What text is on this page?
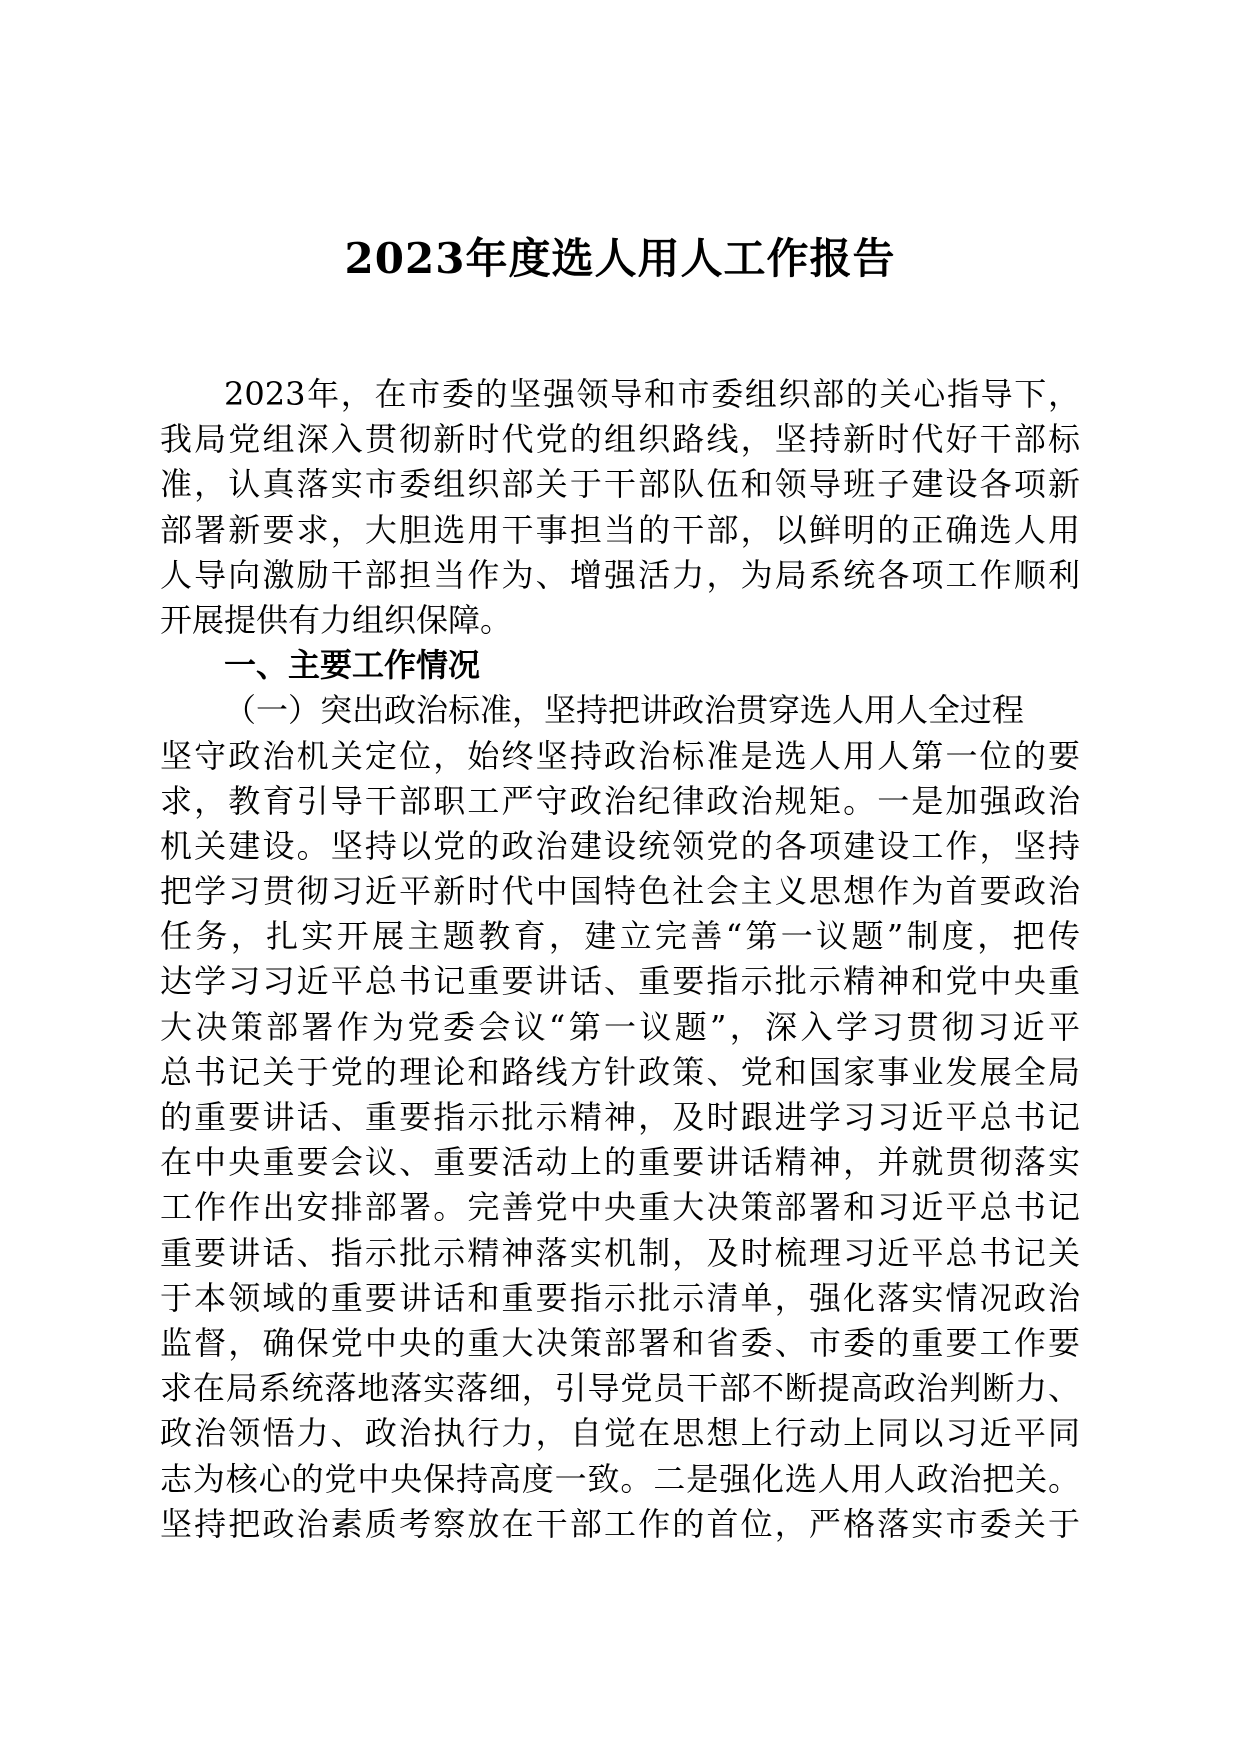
2023年度选人用人工作报告
2023年，在市委的坚强领导和市委组织部的关心指导下，
我局党组深入贯彻新时代党的组织路线，坚持新时代好干部标
准，认真落实市委组织部关于干部队伍和领导班子建设各项新
部署新要求，大胆选用干事担当的干部，以鲜明的正确选人用
人导向激励干部担当作为、增强活力，为局系统各项工作顺利
开展提供有力组织保障。
一、主要工作情况
（一）突出政治标准，坚持把讲政治贯穿选人用人全过程
坚守政治机关定位，始终坚持政治标准是选人用人第一位的要
求，教育引导干部职工严守政治纪律政治规矩。一是加强政治
机关建设。坚持以党的政治建设统领党的各项建设工作，坚持
把学习贯彻习近平新时代中国特色社会主义思想作为首要政治
任务，扎实开展主题教育，建立完善“第一议题”制度，把传
达学习习近平总书记重要讲话、重要指示批示精神和党中央重
大决策部署作为党委会议“第一议题”，深入学习贯彻习近平
总书记关于党的理论和路线方针政策、党和国家事业发展全局
的重要讲话、重要指示批示精神，及时跟进学习习近平总书记
在中央重要会议、重要活动上的重要讲话精神，并就贯彻落实
工作作出安排部署。完善党中央重大决策部署和习近平总书记
重要讲话、指示批示精神落实机制，及时梳理习近平总书记关
于本领域的重要讲话和重要指示批示清单，强化落实情况政治
监督，确保党中央的重大决策部署和省委、市委的重要工作要
求在局系统落地落实落细，引导党员干部不断提高政治判断力、
政治领悟力、政治执行力，自觉在思想上行动上同以习近平同
志为核心的党中央保持高度一致。二是强化选人用人政治把关。
坚持把政治素质考察放在干部工作的首位，严格落实市委关于
